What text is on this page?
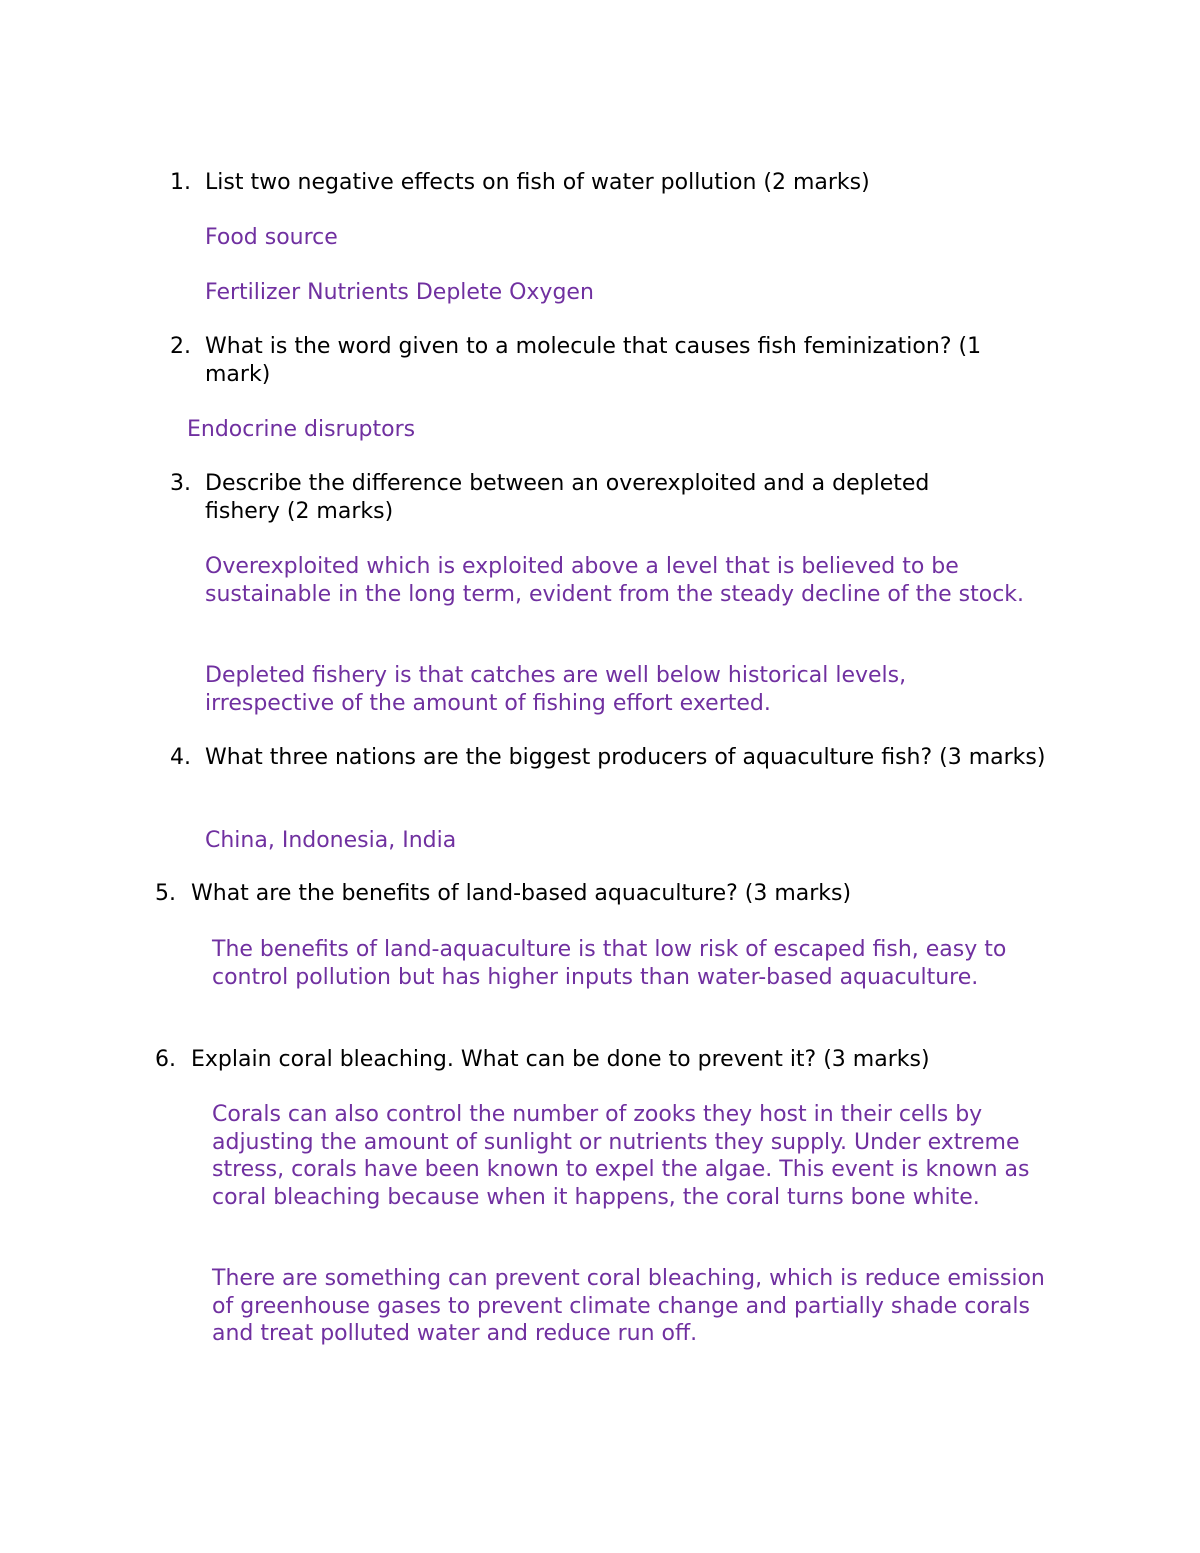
1. List two negative effects on fish of water pollution (2 marks)
Food source
Fertilizer Nutrients Deplete Oxygen
2. What is the word given to a molecule that causes fish feminization? (1 mark)
Endocrine disruptors
3. Describe the difference between an overexploited and a depleted fishery (2 marks)
Overexploited which is exploited above a level that is believed to be sustainable in the long term, evident from the steady decline of the stock.
Depleted fishery is that catches are well below historical levels, irrespective of the amount of fishing effort exerted.
4. What three nations are the biggest producers of aquaculture fish? (3 marks)
China, Indonesia, India
5. What are the benefits of land-based aquaculture? (3 marks)
The benefits of land-aquaculture is that low risk of escaped fish, easy to control pollution but has higher inputs than water-based aquaculture.
6. Explain coral bleaching. What can be done to prevent it? (3 marks)
Corals can also control the number of zooks they host in their cells by adjusting the amount of sunlight or nutrients they supply. Under extreme stress, corals have been known to expel the algae. This event is known as coral bleaching because when it happens, the coral turns bone white.
There are something can prevent coral bleaching, which is reduce emission of greenhouse gases to prevent climate change and partially shade corals and treat polluted water and reduce run off.
